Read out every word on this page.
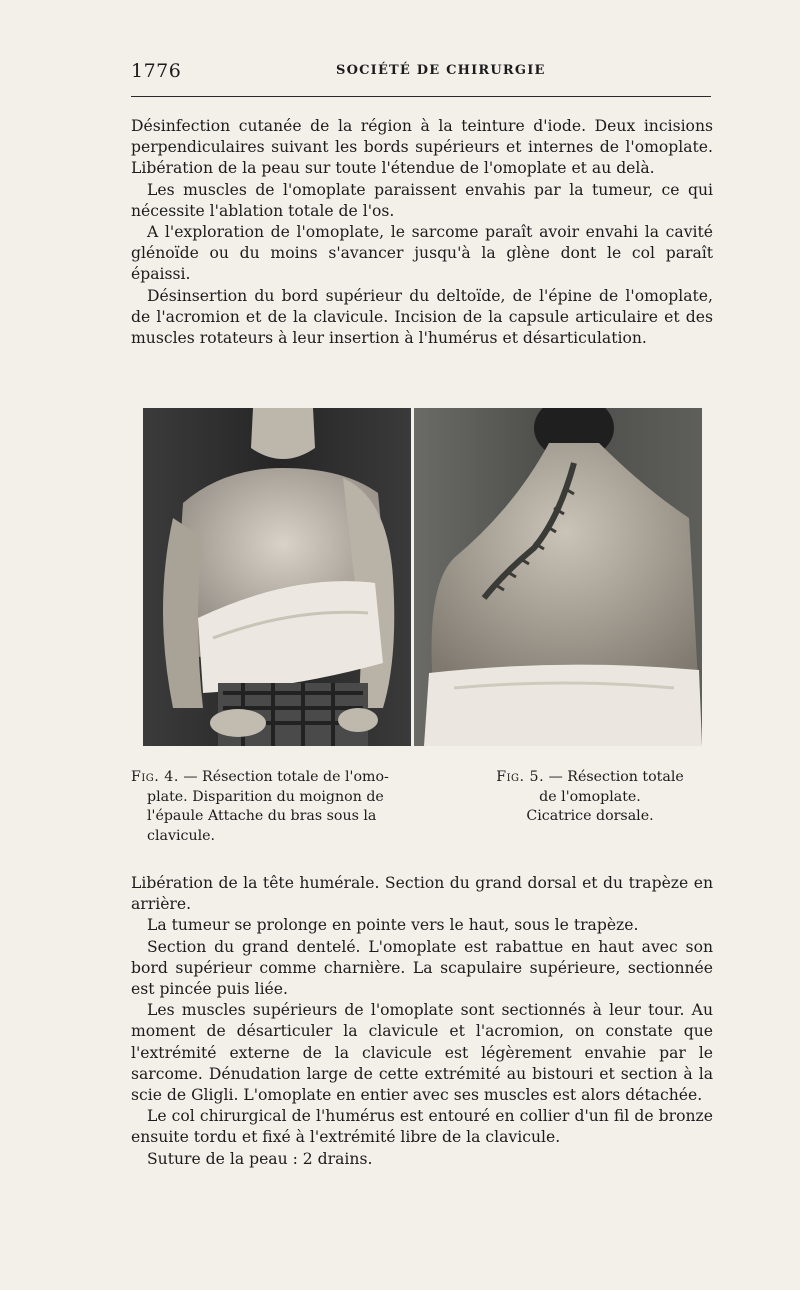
1776	SOCIÉTÉ DE CHIRURGIE

Désinfection cutanée de la région à la teinture d'iode. Deux incisions perpendiculaires suivant les bords supérieurs et internes de l'omoplate. Libération de la peau sur toute l'étendue de l'omoplate et au delà.

Les muscles de l'omoplate paraissent envahis par la tumeur, ce qui nécessite l'ablation totale de l'os.

A l'exploration de l'omoplate, le sarcome paraît avoir envahi la cavité glénoïde ou du moins s'avancer jusqu'à la glène dont le col paraît épaissi.

Désinsertion du bord supérieur du deltoïde, de l'épine de l'omoplate, de l'acromion et de la clavicule. Incision de la capsule articulaire et des muscles rotateurs à leur insertion à l'humérus et désarticulation.

Fig. 4. — Résection totale de l'omo-
plate. Disparition du moignon de
l'épaule Attache du bras sous la
clavicule.
Fig. 5. — Résection totale
de l'omoplate.
Cicatrice dorsale.

Libération de la tête humérale. Section du grand dorsal et du trapèze en arrière.

La tumeur se prolonge en pointe vers le haut, sous le trapèze.

Section du grand dentelé. L'omoplate est rabattue en haut avec son bord supérieur comme charnière. La scapulaire supérieure, sectionnée est pincée puis liée.

Les muscles supérieurs de l'omoplate sont sectionnés à leur tour. Au moment de désarticuler la clavicule et l'acromion, on constate que l'extrémité externe de la clavicule est légèrement envahie par le sarcome. Dénudation large de cette extrémité au bistouri et section à la scie de Gligli. L'omoplate en entier avec ses muscles est alors détachée.

Le col chirurgical de l'humérus est entouré en collier d'un fil de bronze ensuite tordu et fixé à l'extrémité libre de la clavicule.

Suture de la peau : 2 drains.
